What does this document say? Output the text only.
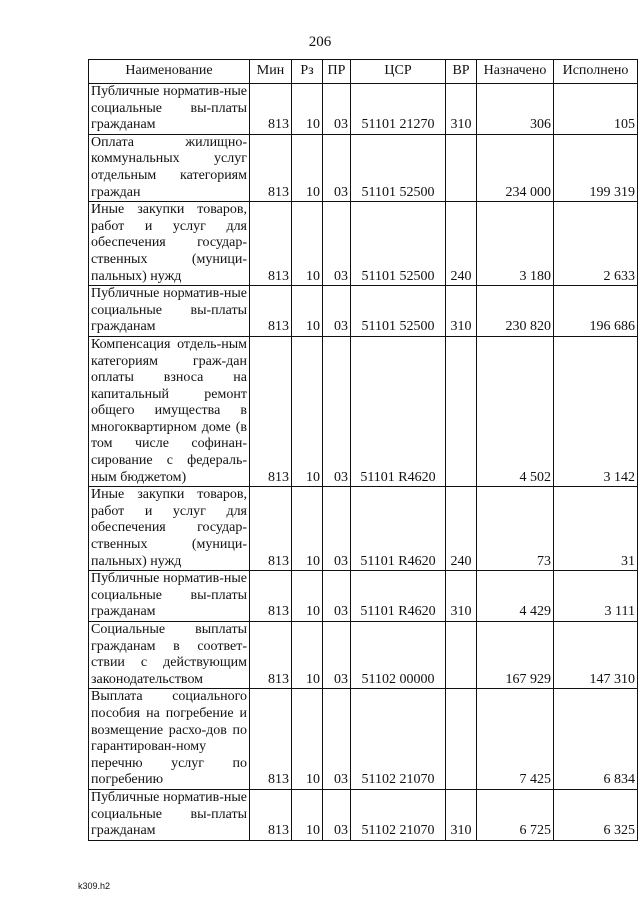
206
Наименование	Мин	Рз	ПР	ЦСР	ВР	Назначено	Исполнено
Публичные норматив-ные социальные вы-платы гражданам	813	10	03	51101 21270	310	306	105
Оплата жилищно-коммунальных услуг отдельным категориям граждан	813	10	03	51101 52500		234 000	199 319
Иные закупки товаров, работ и услуг для обеспечения государ-ственных (муници-пальных) нужд	813	10	03	51101 52500	240	3 180	2 633
Публичные норматив-ные социальные вы-платы гражданам	813	10	03	51101 52500	310	230 820	196 686
Компенсация отдель-ным категориям граж-дан оплаты взноса на капитальный ремонт общего имущества в многоквартирном доме (в том числе софинан-сирование с федераль-ным бюджетом)	813	10	03	51101 R4620		4 502	3 142
Иные закупки товаров, работ и услуг для обеспечения государ-ственных (муници-пальных) нужд	813	10	03	51101 R4620	240	73	31
Публичные норматив-ные социальные вы-платы гражданам	813	10	03	51101 R4620	310	4 429	3 111
Социальные выплаты гражданам в соответ-ствии с действующим законодательством	813	10	03	51102 00000		167 929	147 310
Выплата социального пособия на погребение и возмещение расхо-дов по гарантирован-ному перечню услуг по погребению	813	10	03	51102 21070		7 425	6 834
Публичные норматив-ные социальные вы-платы гражданам	813	10	03	51102 21070	310	6 725	6 325
k309.h2
